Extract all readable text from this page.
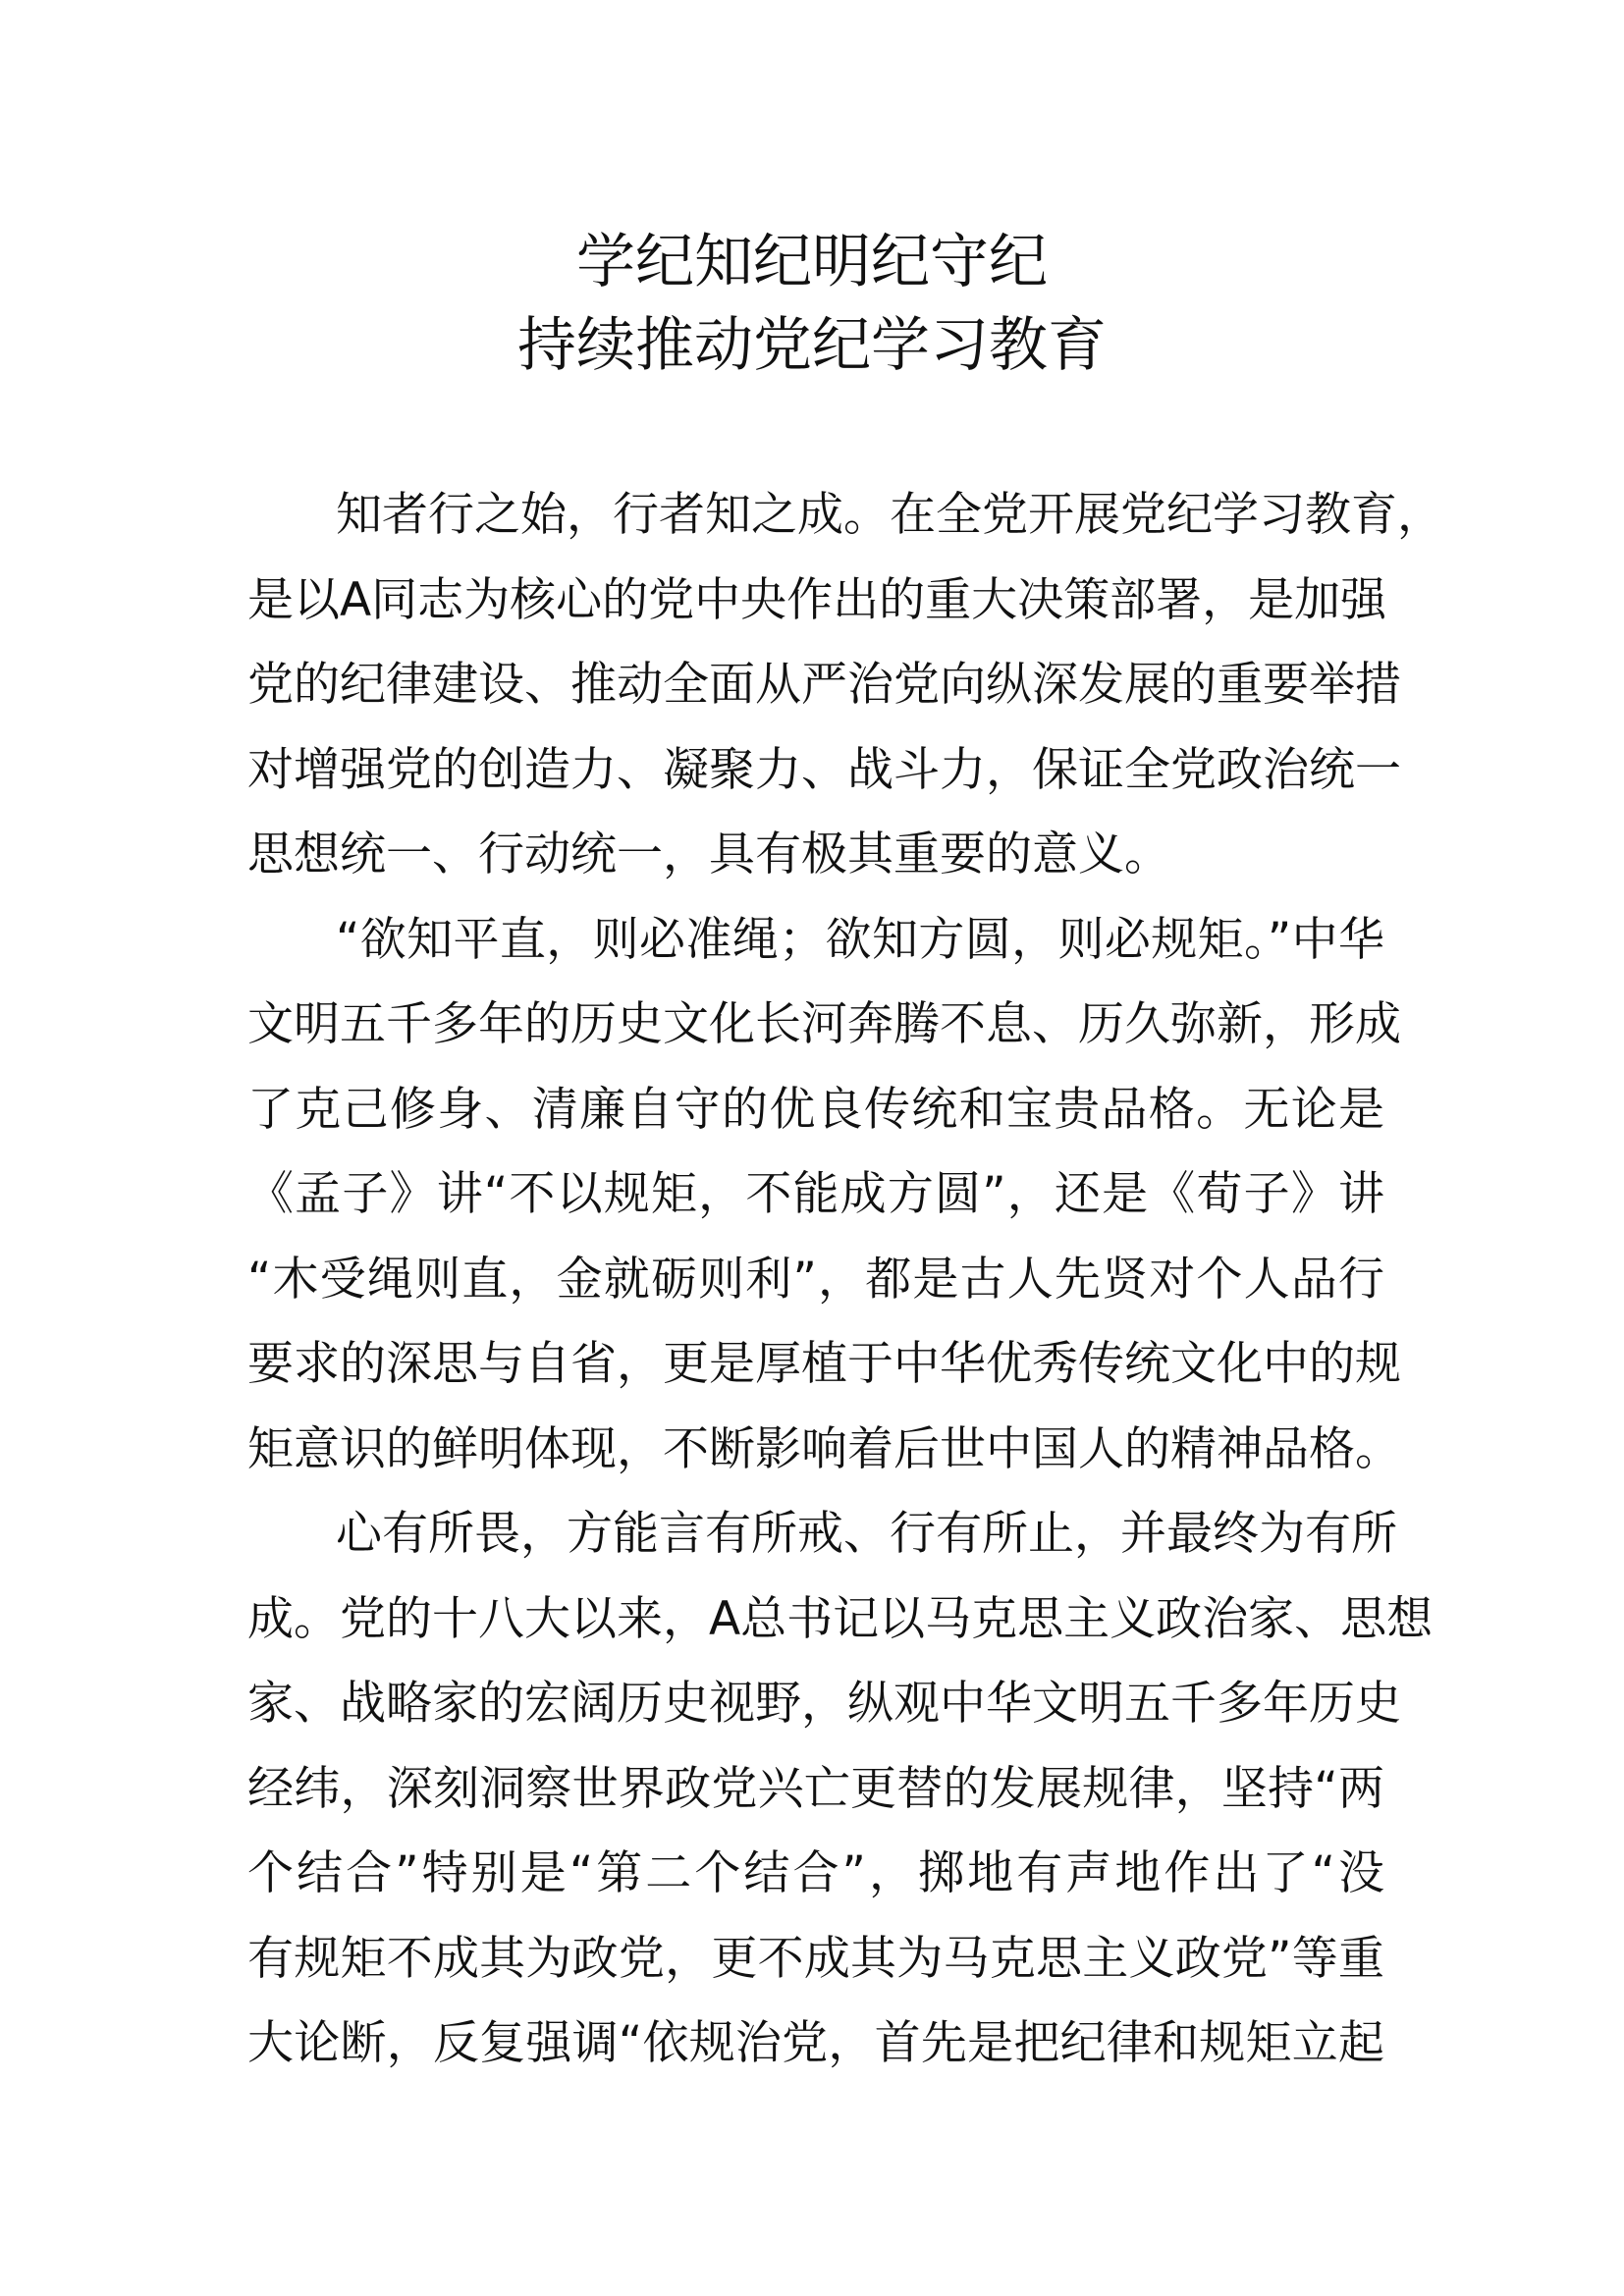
学纪知纪明纪守纪
持续推动党纪学习教育
知者行之始，行者知之成。在全党开展党纪学习教育，
是以A同志为核心的党中央作出的重大决策部署，是加强
党的纪律建设、推动全面从严治党向纵深发展的重要举措
对增强党的创造力、凝聚力、战斗力，保证全党政治统一
思想统一、行动统一，具有极其重要的意义。
“欲知平直，则必准绳；欲知方圆，则必规矩。”中华
文明五千多年的历史文化长河奔腾不息、历久弥新，形成
了克己修身、清廉自守的优良传统和宝贵品格。无论是
《孟子》讲“不以规矩，不能成方圆”，还是《荀子》讲
“木受绳则直，金就砺则利”，都是古人先贤对个人品行
要求的深思与自省，更是厚植于中华优秀传统文化中的规
矩意识的鲜明体现，不断影响着后世中国人的精神品格。
心有所畏，方能言有所戒、行有所止，并最终为有所
成。党的十八大以来，A总书记以马克思主义政治家、思想
家、战略家的宏阔历史视野，纵观中华文明五千多年历史
经纬，深刻洞察世界政党兴亡更替的发展规律，坚持“两
个结合”特别是“第二个结合”，掷地有声地作出了“没
有规矩不成其为政党，更不成其为马克思主义政党”等重
大论断，反复强调“依规治党，首先是把纪律和规矩立起
